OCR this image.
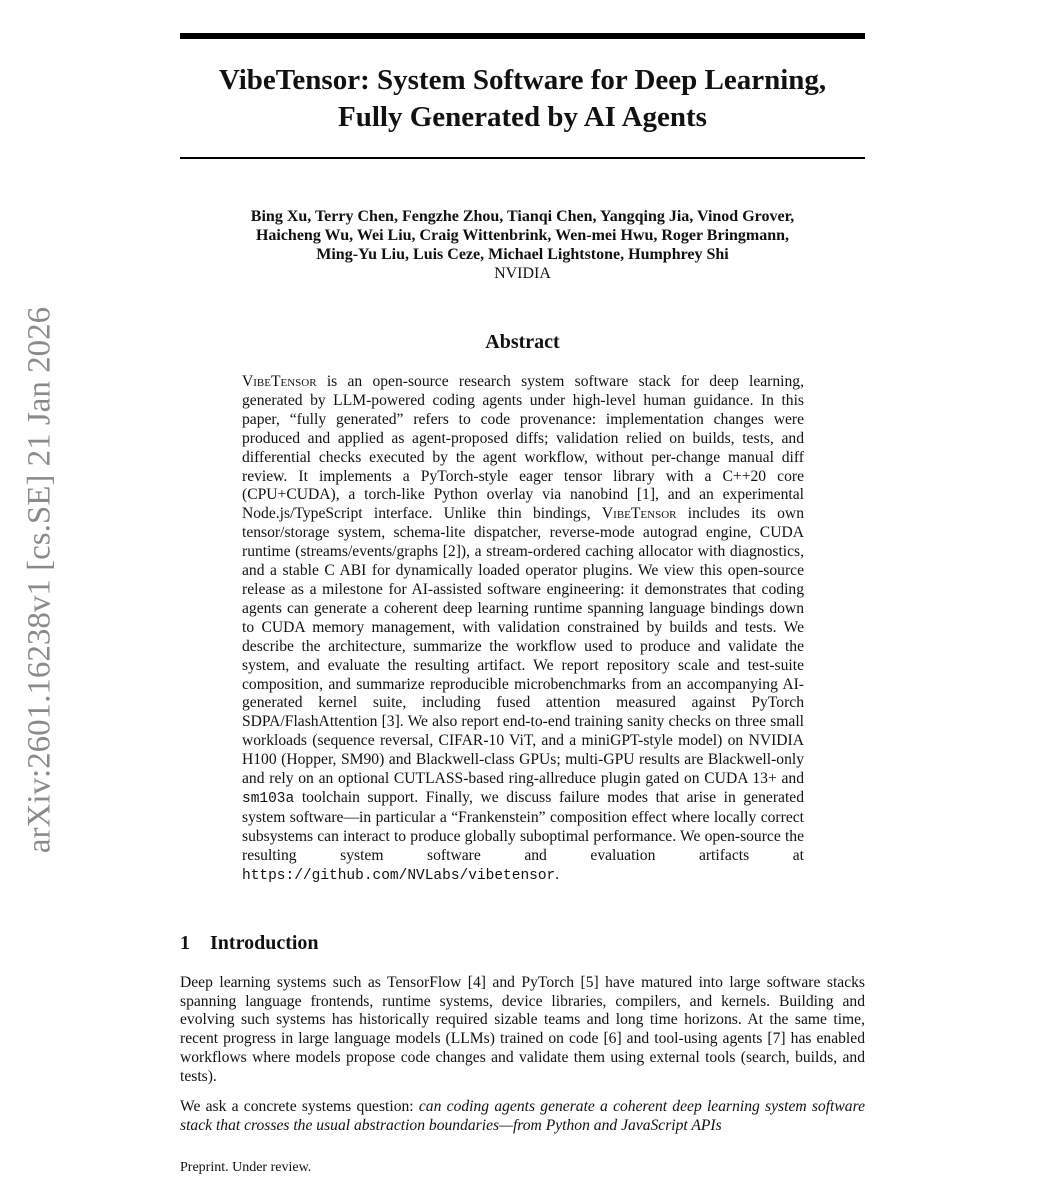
arXiv:2601.16238v1 [cs.SE] 21 Jan 2026
VibeTensor: System Software for Deep Learning,
Fully Generated by AI Agents

Bing Xu, Terry Chen, Fengzhe Zhou, Tianqi Chen, Yangqing Jia, Vinod Grover,
Haicheng Wu, Wei Liu, Craig Wittenbrink, Wen-mei Hwu, Roger Bringmann,
Ming-Yu Liu, Luis Ceze, Michael Lightstone, Humphrey Shi

NVIDIA

Abstract

VibeTensor is an open-source research system software stack for deep learning, generated by LLM-powered coding agents under high-level human guidance. In this paper, “fully generated” refers to code provenance: implementation changes were produced and applied as agent-proposed diffs; validation relied on builds, tests, and differential checks executed by the agent workflow, without per-change manual diff review. It implements a PyTorch-style eager tensor library with a C++20 core (CPU+CUDA), a torch-like Python overlay via nanobind [1], and an experimental Node.js/TypeScript interface. Unlike thin bindings, VibeTensor includes its own tensor/storage system, schema-lite dispatcher, reverse-mode autograd engine, CUDA runtime (streams/events/graphs [2]), a stream-ordered caching allocator with diagnostics, and a stable C ABI for dynamically loaded operator plugins. We view this open-source release as a milestone for AI-assisted software engineering: it demonstrates that coding agents can generate a coherent deep learning runtime spanning language bindings down to CUDA memory management, with validation constrained by builds and tests. We describe the architecture, summarize the workflow used to produce and validate the system, and evaluate the resulting artifact. We report repository scale and test-suite composition, and summarize reproducible microbenchmarks from an accompanying AI-generated kernel suite, including fused attention measured against PyTorch SDPA/FlashAttention [3]. We also report end-to-end training sanity checks on three small workloads (sequence reversal, CIFAR-10 ViT, and a miniGPT-style model) on NVIDIA H100 (Hopper, SM90) and Blackwell-class GPUs; multi-GPU results are Blackwell-only and rely on an optional CUTLASS-based ring-allreduce plugin gated on CUDA 13+ and sm103a toolchain support. Finally, we discuss failure modes that arise in generated system software—in particular a “Frankenstein” composition effect where locally correct subsystems can interact to produce globally suboptimal performance. We open-source the resulting system software and evaluation artifacts at https://github.com/NVLabs/vibetensor.

1 Introduction

Deep learning systems such as TensorFlow [4] and PyTorch [5] have matured into large software stacks spanning language frontends, runtime systems, device libraries, compilers, and kernels. Building and evolving such systems has historically required sizable teams and long time horizons. At the same time, recent progress in large language models (LLMs) trained on code [6] and tool-using agents [7] has enabled workflows where models propose code changes and validate them using external tools (search, builds, and tests).

We ask a concrete systems question: can coding agents generate a coherent deep learning system software stack that crosses the usual abstraction boundaries—from Python and JavaScript APIs

Preprint. Under review.
